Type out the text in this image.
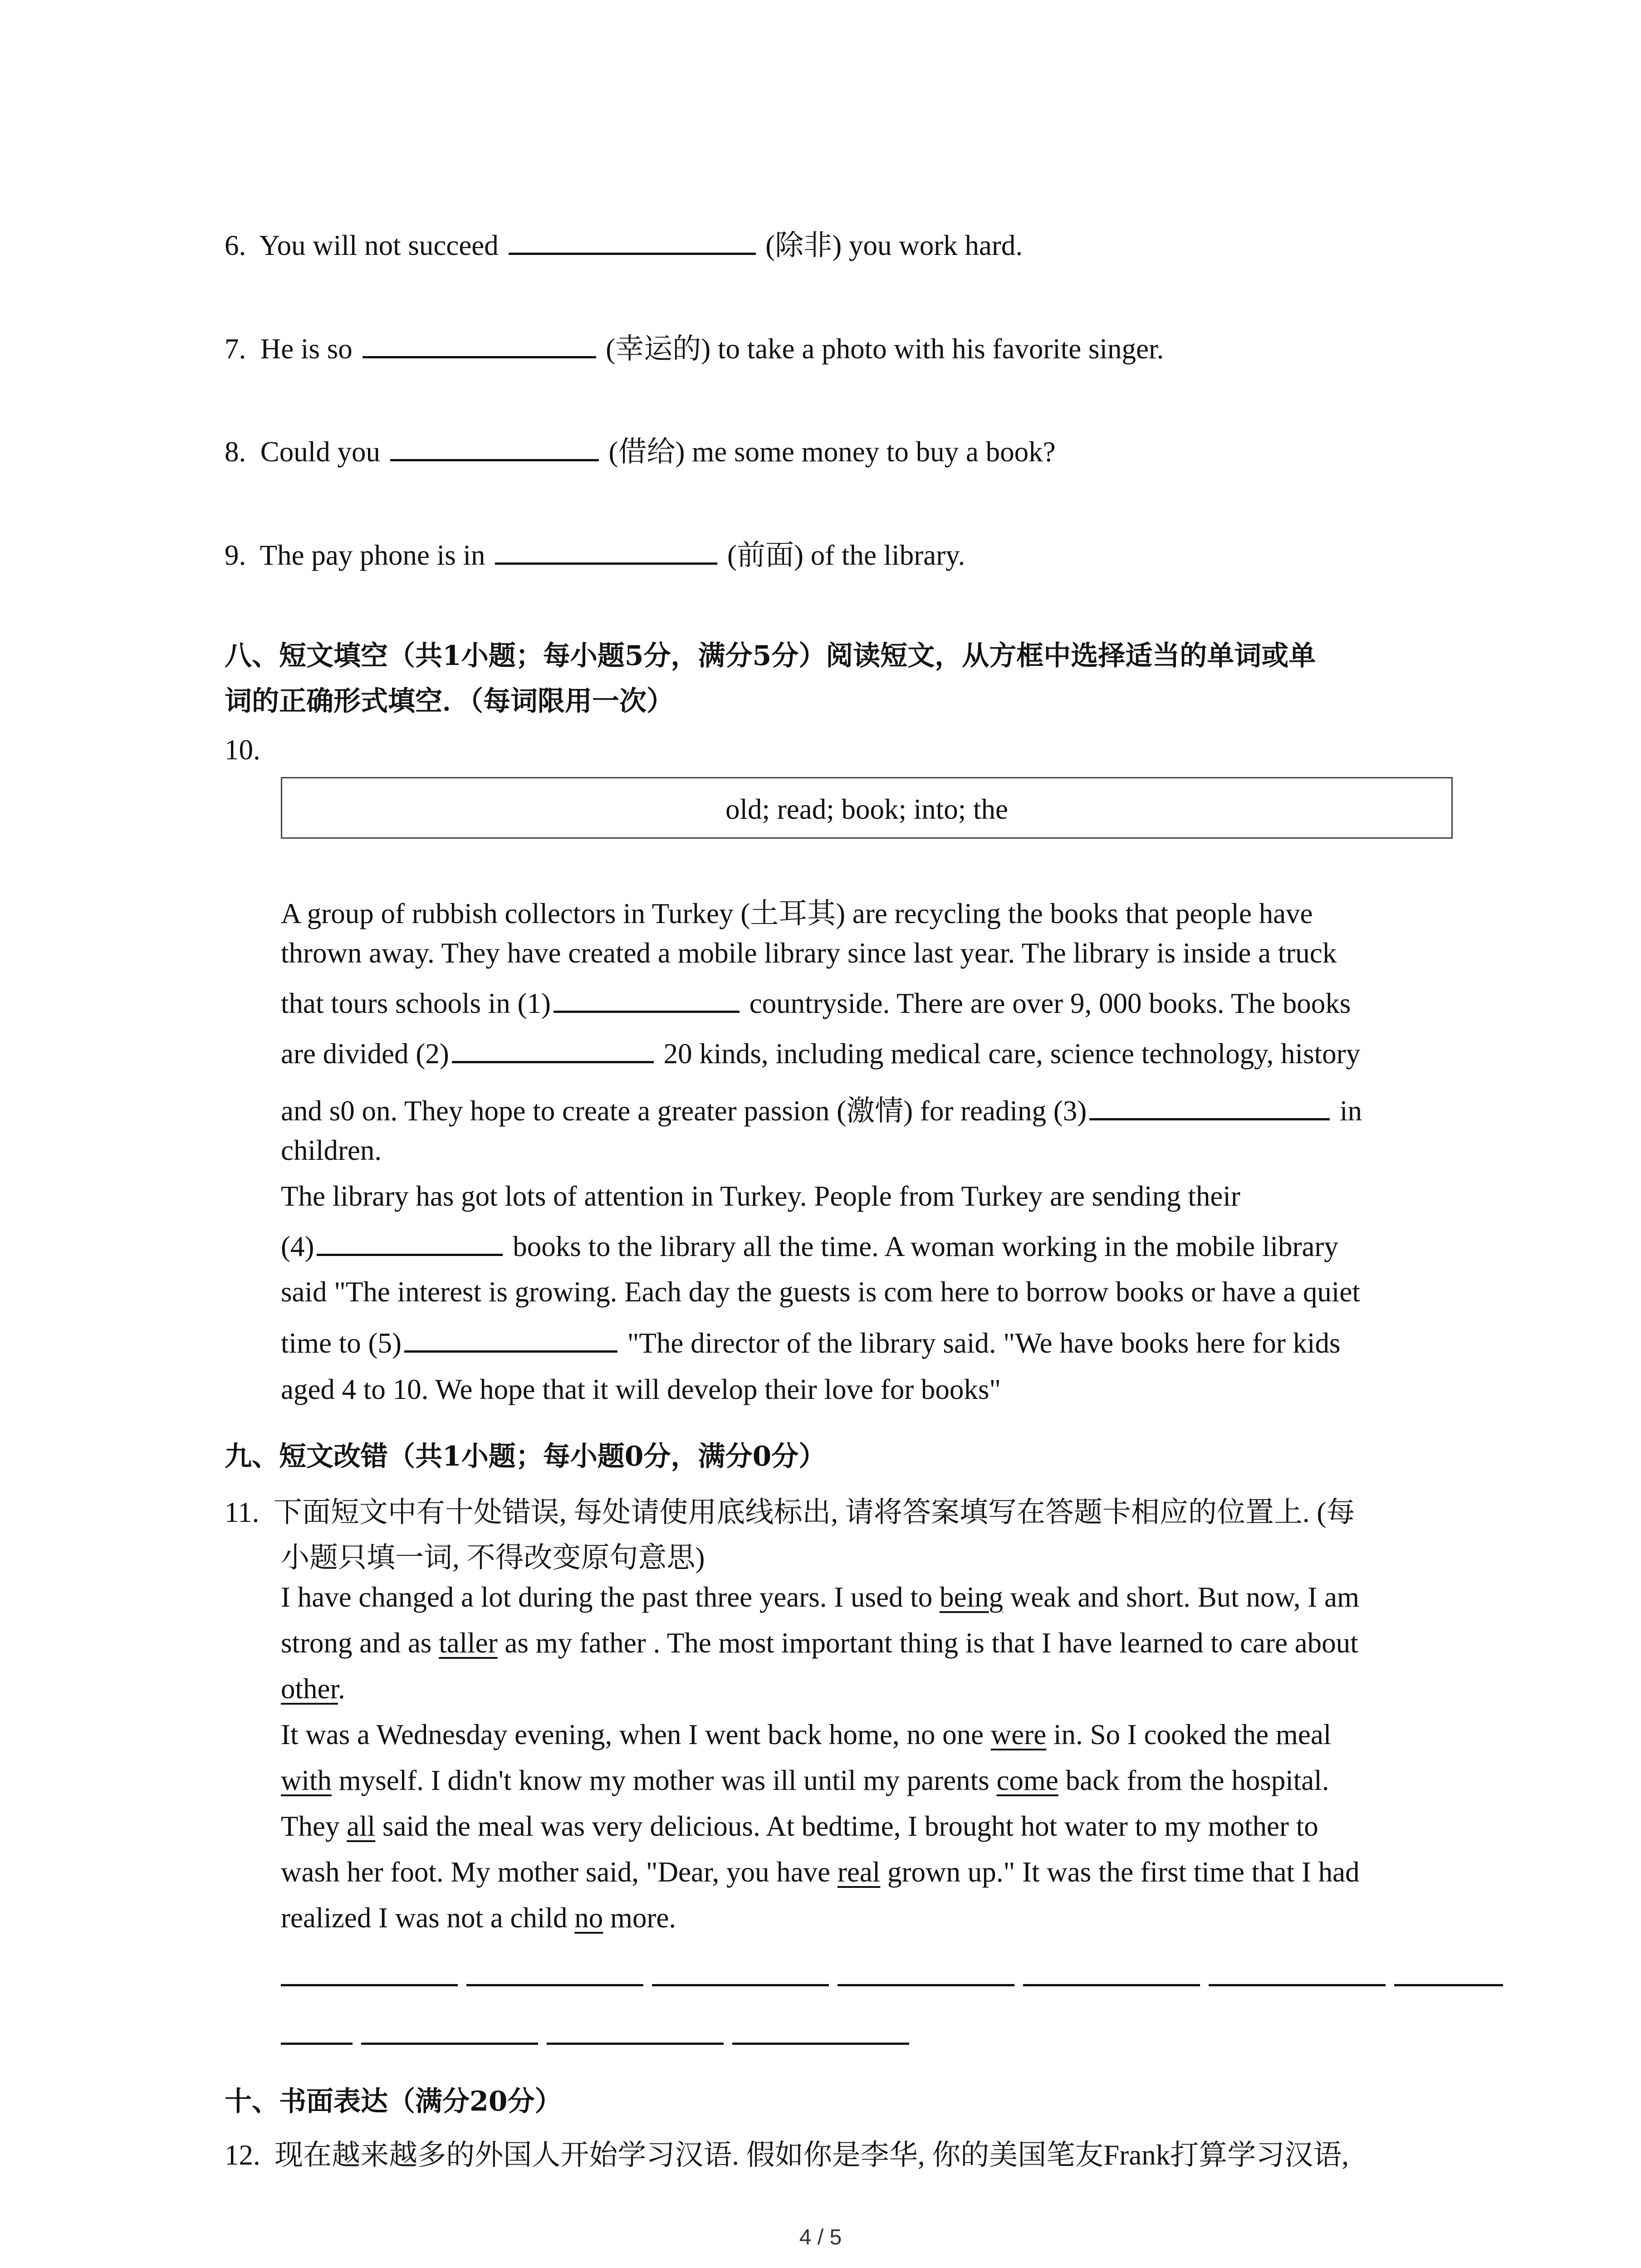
6. You will not succeed	(除非) you work hard.
7. He is so	(幸运的) to take a photo with his favorite singer.
8. Could you	(借给) me some money to buy a book?
9. The pay phone is in	(前面) of the library.
八、短文填空（共1小题；每小题5分，满分5分）阅读短文，从方框中选择适当的单词或单
词的正确形式填空．（每词限用一次）
10.
old; read; book; into; the
A group of rubbish collectors in Turkey (土耳其) are recycling the books that people have
thrown away. They have created a mobile library since last year. The library is inside a truck
that tours schools in (1)	countryside. There are over 9, 000 books. The books
are divided (2)	20 kinds, including medical care, science technology, history
and s0 on. They hope to create a greater passion (激情) for reading (3)	in
children.
The library has got lots of attention in Turkey. People from Turkey are sending their
(4)	books to the library all the time. A woman working in the mobile library
said "The interest is growing. Each day the guests is com here to borrow books or have a quiet
time to (5)	"The director of the library said. "We have books here for kids
aged 4 to 10. We hope that it will develop their love for books"
九、短文改错（共1小题；每小题0分，满分0分）
11. 下面短文中有十处错误, 每处请使用底线标出, 请将答案填写在答题卡相应的位置上. (每
小题只填一词, 不得改变原句意思)
I have changed a lot during the past three years. I used to being weak and short. But now, I am
strong and as taller as my father . The most important thing is that I have learned to care about
other.
It was a Wednesday evening, when I went back home, no one were in. So I cooked the meal
with myself. I didn't know my mother was ill until my parents come back from the hospital.
They all said the meal was very delicious. At bedtime, I brought hot water to my mother to
wash her foot. My mother said, "Dear, you have real grown up." It was the first time that I had
realized I was not a child no more.
十、书面表达（满分20分）
12. 现在越来越多的外国人开始学习汉语. 假如你是李华, 你的美国笔友Frank打算学习汉语,
4 / 5
